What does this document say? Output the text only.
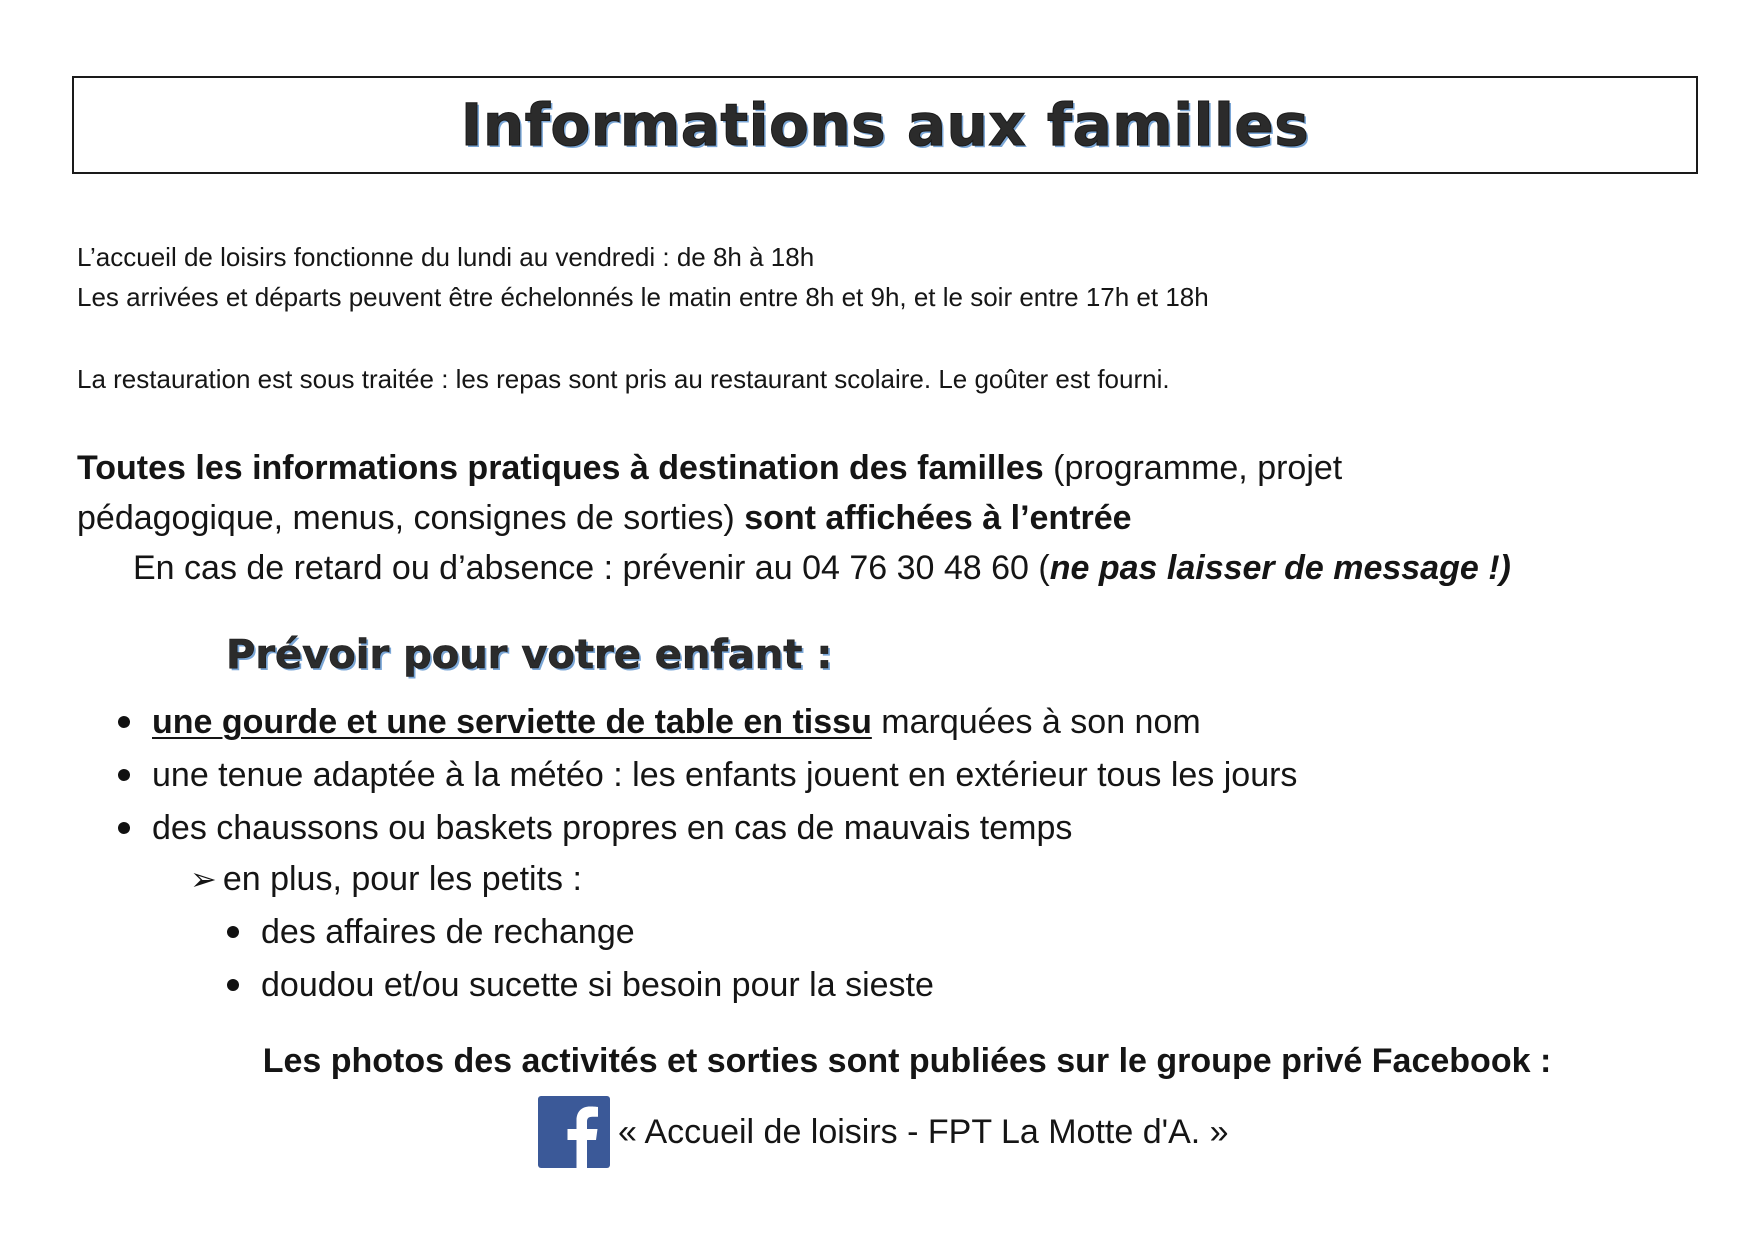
Informations aux familles
L’accueil de loisirs fonctionne du lundi au vendredi : de 8h à 18h
Les arrivées et départs peuvent être échelonnés le matin entre 8h et 9h, et le soir entre 17h et 18h
La restauration est sous traitée : les repas sont pris au restaurant scolaire. Le goûter est fourni.
Toutes les informations pratiques à destination des familles (programme, projet
pédagogique, menus, consignes de sorties) sont affichées à l’entrée
En cas de retard ou d’absence : prévenir au 04 76 30 48 60 (ne pas laisser de message !)
Prévoir pour votre enfant :
une gourde et une serviette de table en tissu marquées à son nom
une tenue adaptée à la météo : les enfants jouent en extérieur tous les jours
des chaussons ou baskets propres en cas de mauvais temps
➢ en plus, pour les petits :
des affaires de rechange
doudou et/ou sucette si besoin pour la sieste
Les photos des activités et sorties sont publiées sur le groupe privé Facebook :
« Accueil de loisirs - FPT La Motte d'A. »
